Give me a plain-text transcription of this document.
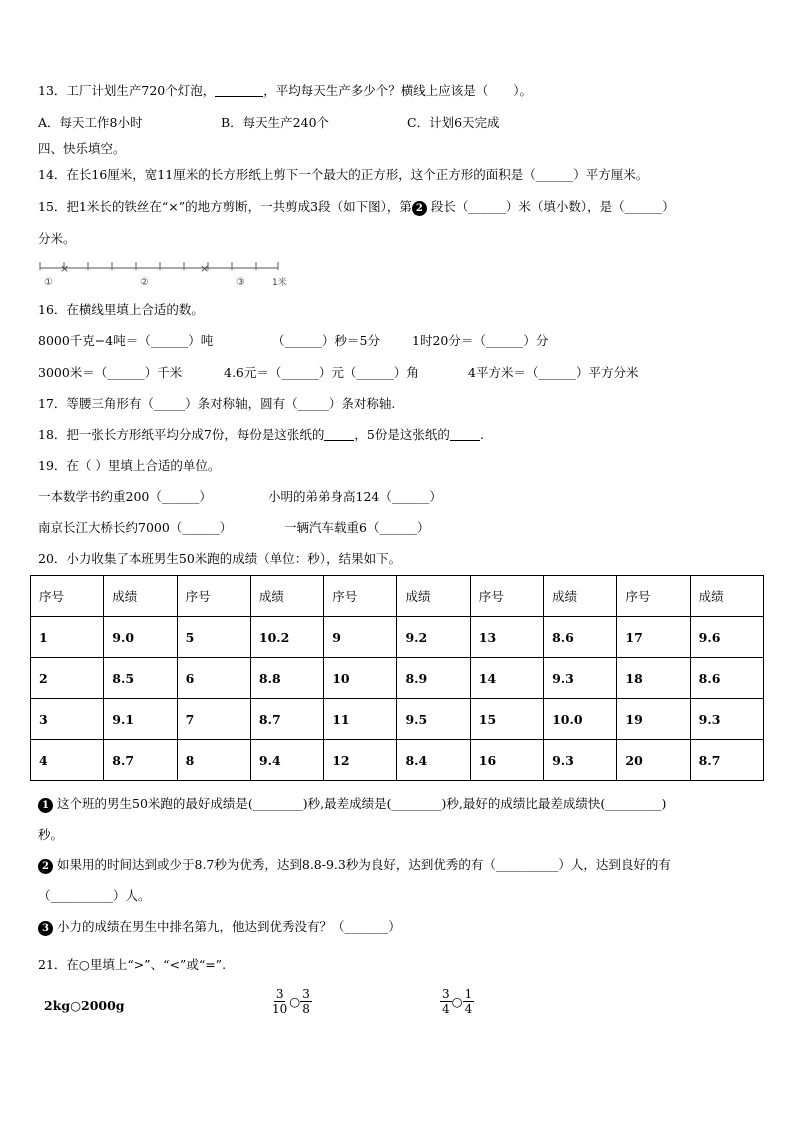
13．工厂计划生产720个灯泡，	，平均每天生产多少个？横线上应该是（　　）。
A．每天工作8小时	B．每天生产240个	C．计划6天完成
四、快乐填空。
14．在长16厘米，宽11厘米的长方形纸上剪下一个最大的正方形，这个正方形的面积是（______）平方厘米。
15．把1米长的铁丝在“×”的地方剪断，一共剪成3段（如下图），第 2 段长（______）米（填小数），是（______）
分米。
×	×
①	②	③	1米
16．在横线里填上合适的数。
8000千克−4吨＝（______）吨	（______）秒＝5分	1时20分＝（______）分
3000米＝（______）千米	4.6元＝（______）元（______）角	4平方米＝（______）平方分米
17．等腰三角形有（_____）条对称轴，圆有（_____）条对称轴.
18．把一张长方形纸平均分成7份，每份是这张纸的 ，5份是这张纸的 .
19．在（ ）里填上合适的单位。
一本数学书约重200（______）	小明的弟弟身高124（______）
南京长江大桥长约7000（______）	一辆汽车载重6（______）
20．小力收集了本班男生50米跑的成绩（单位：秒），结果如下。
序号	成绩	序号	成绩	序号	成绩	序号	成绩	序号	成绩
1	9.0	5	10.2	9	9.2	13	8.6	17	9.6
2	8.5	6	8.8	10	8.9	14	9.3	18	8.6
3	9.1	7	8.7	11	9.5	15	10.0	19	9.3
4	8.7	8	9.4	12	8.4	16	9.3	20	8.7
1 这个班的男生50米跑的最好成绩是(________)秒,最差成绩是(________)秒,最好的成绩比最差成绩快(_________)
秒。
2 如果用的时间达到或少于8.7秒为优秀，达到8.8-9.3秒为良好，达到优秀的有（__________）人，达到良好的有
（__________）人。
3 小力的成绩在男生中排名第九，他达到优秀没有？（_______）
21．在○里填上“>”、“<”或“=”.
2kg○2000g	$\frac{3}{10}$ ○ $\frac{3}{8}$	$\frac{3}{4}$ ○ $\frac{1}{4}$
